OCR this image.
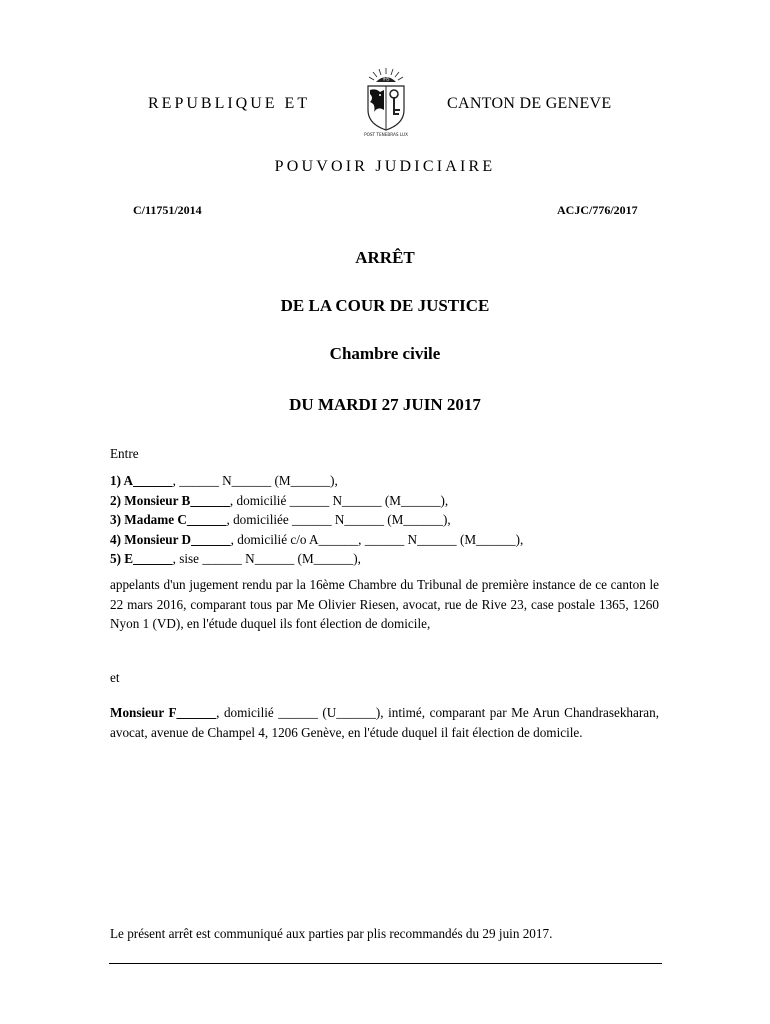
REPUBLIQUE ET
IHS
POST TENEBRAS LUX
CANTON DE GENEVE
POUVOIR JUDICIAIRE
C/11751/2014	ACJC/776/2017
ARRÊT
DE LA COUR DE JUSTICE
Chambre civile
DU MARDI 27 JUIN 2017
Entre
1) A______, ______ N______ (M______),
2) Monsieur B______, domicilié ______ N______ (M______),
3) Madame C______, domiciliée ______ N______ (M______),
4) Monsieur D______, domicilié c/o A______, ______ N______ (M______),
5) E______, sise ______ N______ (M______),
appelants d'un jugement rendu par la 16ème Chambre du Tribunal de première instance de ce canton le 22 mars 2016, comparant tous par Me Olivier Riesen, avocat, rue de Rive 23, case postale 1365, 1260 Nyon 1 (VD), en l'étude duquel ils font élection de domicile,
et
Monsieur F______, domicilié ______ (U______), intimé, comparant par Me Arun Chandrasekharan, avocat, avenue de Champel 4, 1206 Genève, en l'étude duquel il fait élection de domicile.
Le présent arrêt est communiqué aux parties par plis recommandés du 29 juin 2017.
